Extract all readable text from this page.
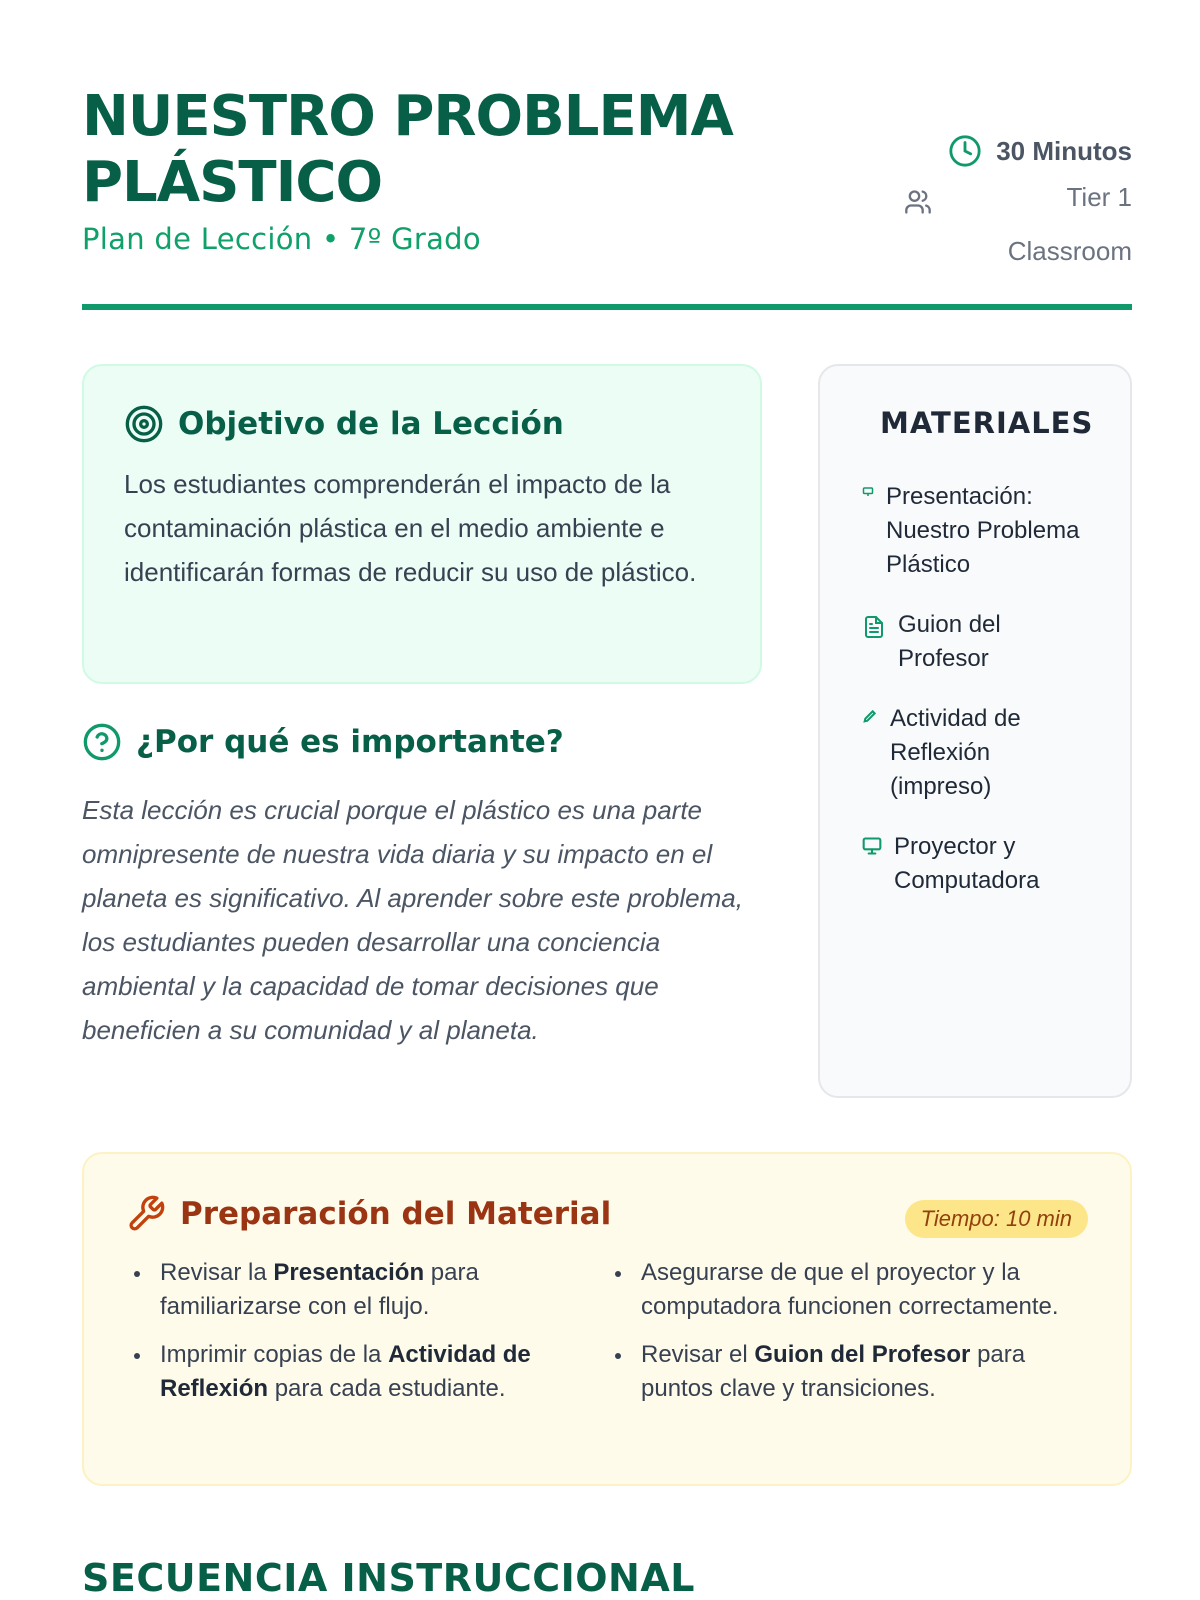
NUESTRO PROBLEMA PLÁSTICO
Plan de Lección • 7º Grado
30 Minutos
Tier 1 Classroom
Objetivo de la Lección

Los estudiantes comprenderán el impacto de la contaminación plástica en el medio ambiente e identificarán formas de reducir su uso de plástico.

¿Por qué es importante?

Esta lección es crucial porque el plástico es una parte omnipresente de nuestra vida diaria y su impacto en el planeta es significativo. Al aprender sobre este problema, los estudiantes pueden desarrollar una conciencia ambiental y la capacidad de tomar decisiones que beneficien a su comunidad y al planeta.

MATERIALES
Presentación: Nuestro Problema Plástico
Guion del Profesor
Actividad de Reflexión (impreso)
Proyector y Computadora
Preparación del Material	Tiempo: 10 min
Revisar la Presentación para familiarizarse con el flujo.
Imprimir copias de la Actividad de Reflexión para cada estudiante.
Asegurarse de que el proyector y la computadora funcionen correctamente.
Revisar el Guion del Profesor para puntos clave y transiciones.
SECUENCIA INSTRUCCIONAL
